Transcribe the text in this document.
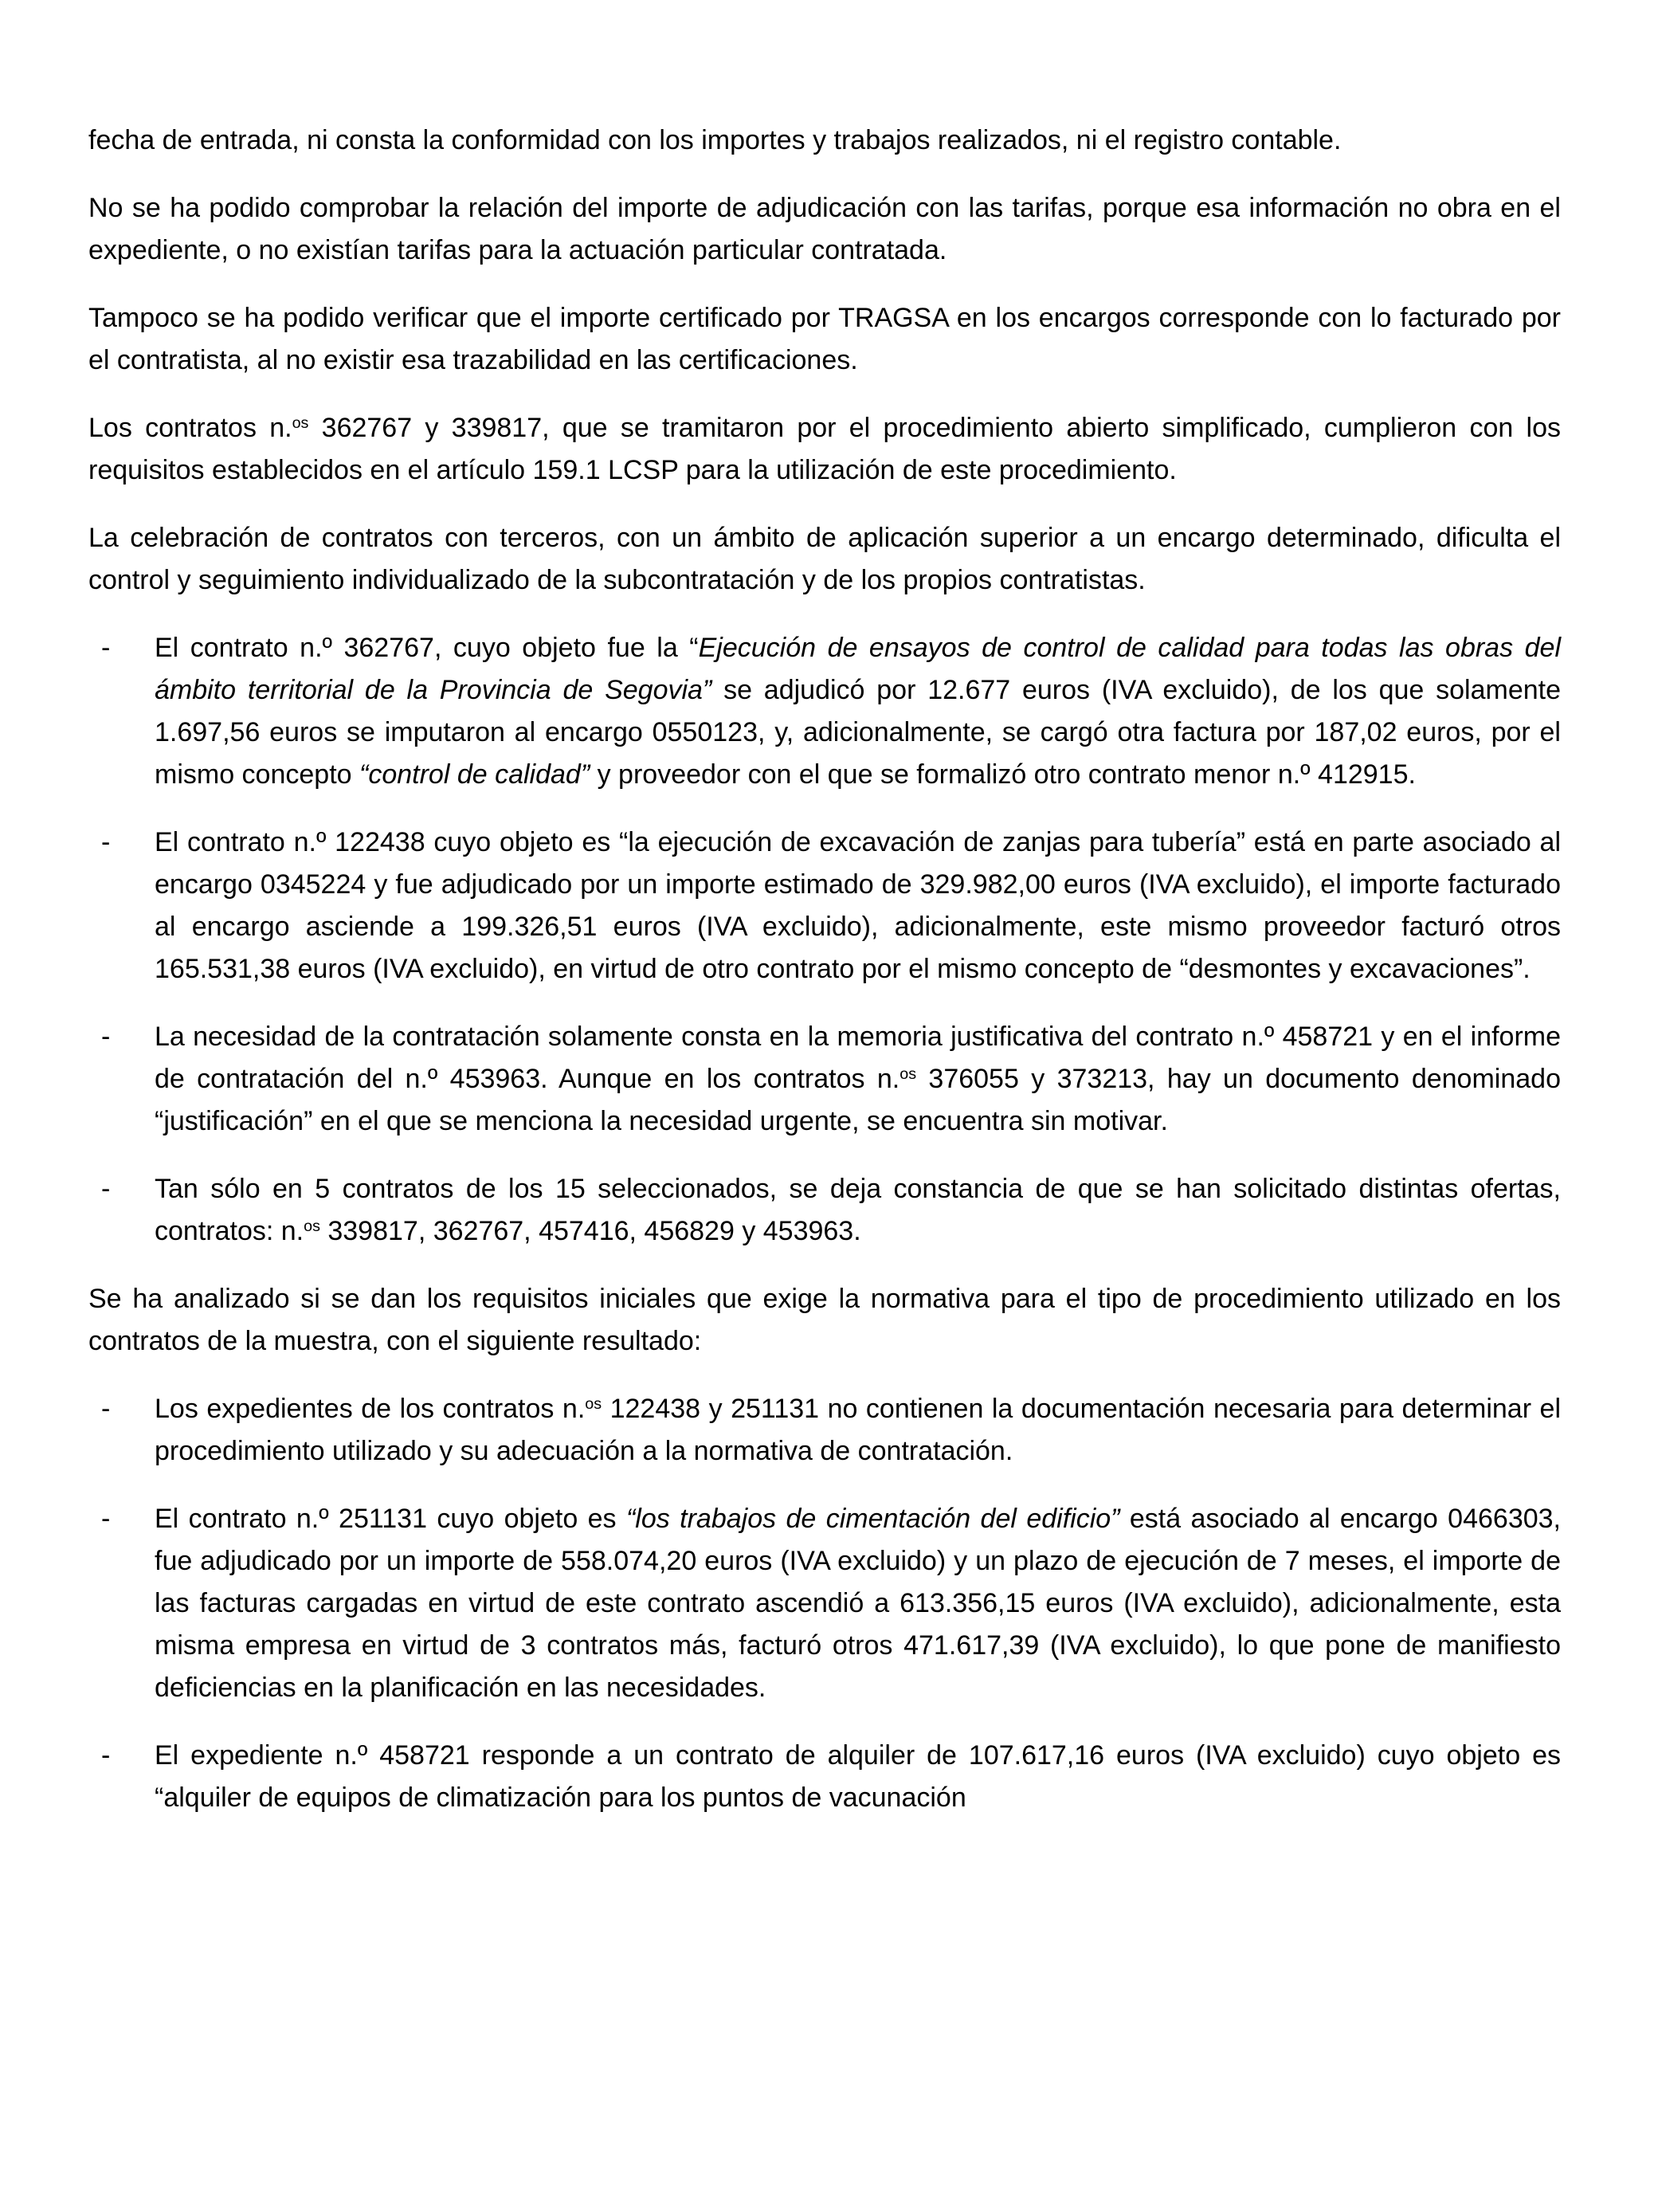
fecha de entrada, ni consta la conformidad con los importes y trabajos realizados, ni el registro contable.

No se ha podido comprobar la relación del importe de adjudicación con las tarifas, porque esa información no obra en el expediente, o no existían tarifas para la actuación particular contratada.

Tampoco se ha podido verificar que el importe certificado por TRAGSA en los encargos corresponde con lo facturado por el contratista, al no existir esa trazabilidad en las certificaciones.

Los contratos n.$^{os}$ 362767 y 339817, que se tramitaron por el procedimiento abierto simplificado, cumplieron con los requisitos establecidos en el artículo 159.1 LCSP para la utilización de este procedimiento.

La celebración de contratos con terceros, con un ámbito de aplicación superior a un encargo determinado, dificulta el control y seguimiento individualizado de la subcontratación y de los propios contratistas.

- El contrato n.º 362767, cuyo objeto fue la “Ejecución de ensayos de control de calidad para todas las obras del ámbito territorial de la Provincia de Segovia” se adjudicó por 12.677 euros (IVA excluido), de los que solamente 1.697,56 euros se imputaron al encargo 0550123, y, adicionalmente, se cargó otra factura por 187,02 euros, por el mismo concepto “control de calidad” y proveedor con el que se formalizó otro contrato menor n.º 412915.
- El contrato n.º 122438 cuyo objeto es “la ejecución de excavación de zanjas para tubería” está en parte asociado al encargo 0345224 y fue adjudicado por un importe estimado de 329.982,00 euros (IVA excluido), el importe facturado al encargo asciende a 199.326,51 euros (IVA excluido), adicionalmente, este mismo proveedor facturó otros 165.531,38 euros (IVA excluido), en virtud de otro contrato por el mismo concepto de “desmontes y excavaciones”.
- La necesidad de la contratación solamente consta en la memoria justificativa del contrato n.º 458721 y en el informe de contratación del n.º 453963. Aunque en los contratos n.$^{os}$ 376055 y 373213, hay un documento denominado “justificación” en el que se menciona la necesidad urgente, se encuentra sin motivar.
- Tan sólo en 5 contratos de los 15 seleccionados, se deja constancia de que se han solicitado distintas ofertas, contratos: n.$^{os}$ 339817, 362767, 457416, 456829 y 453963.

Se ha analizado si se dan los requisitos iniciales que exige la normativa para el tipo de procedimiento utilizado en los contratos de la muestra, con el siguiente resultado:

- Los expedientes de los contratos n.$^{os}$ 122438 y 251131 no contienen la documentación necesaria para determinar el procedimiento utilizado y su adecuación a la normativa de contratación.
- El contrato n.º 251131 cuyo objeto es “los trabajos de cimentación del edificio” está asociado al encargo 0466303, fue adjudicado por un importe de 558.074,20 euros (IVA excluido) y un plazo de ejecución de 7 meses, el importe de las facturas cargadas en virtud de este contrato ascendió a 613.356,15 euros (IVA excluido), adicionalmente, esta misma empresa en virtud de 3 contratos más, facturó otros 471.617,39 (IVA excluido), lo que pone de manifiesto deficiencias en la planificación en las necesidades.
- El expediente n.º 458721 responde a un contrato de alquiler de 107.617,16 euros (IVA excluido) cuyo objeto es “alquiler de equipos de climatización para los puntos de vacunación
